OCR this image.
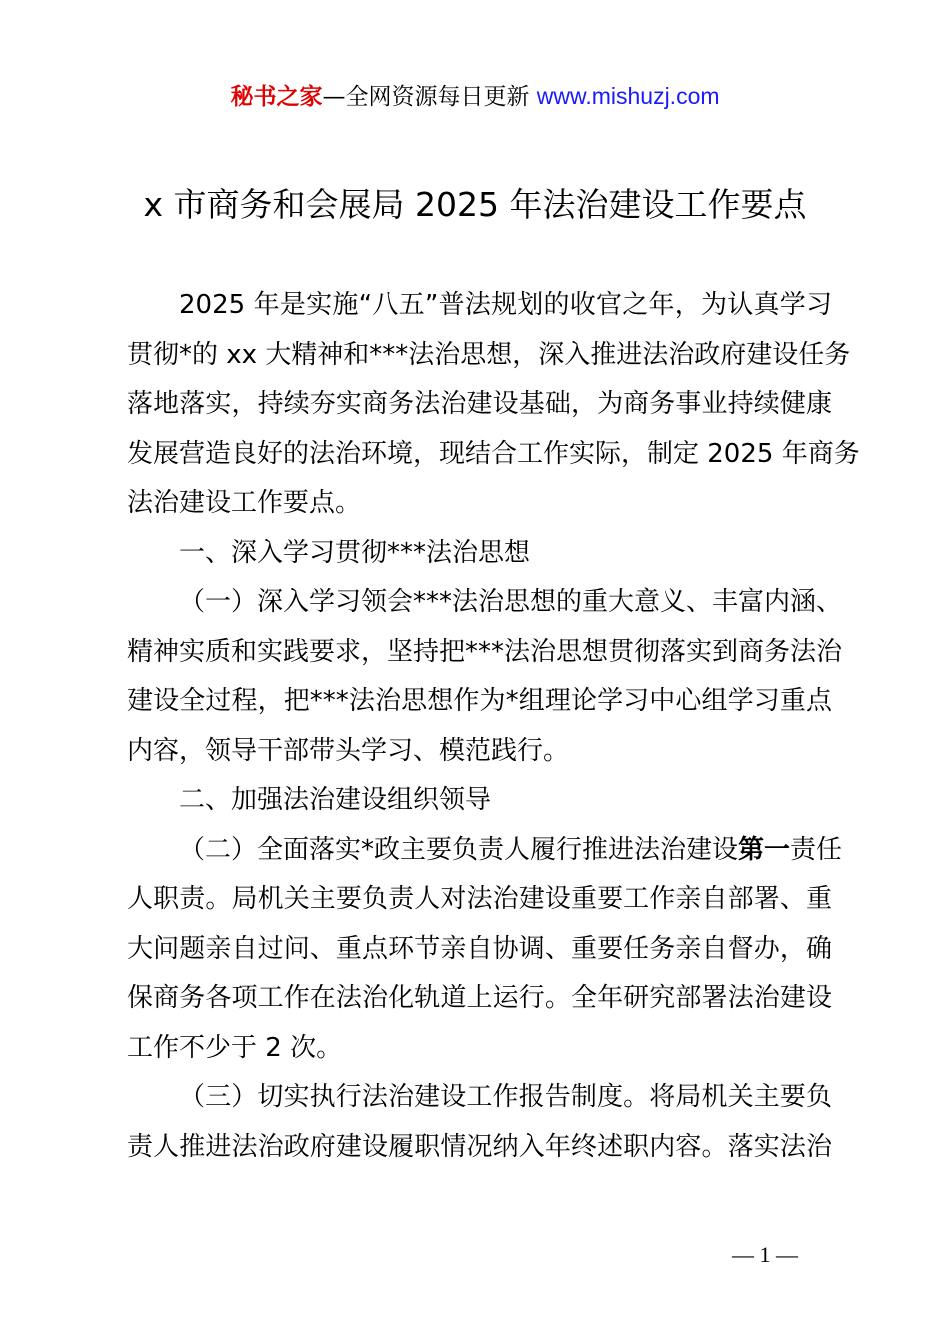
秘书之家—全网资源每日更新 www.mishuzj.com
x 市商务和会展局 2025 年法治建设工作要点
2025 年是实施“八五”普法规划的收官之年，为认真学习
贯彻*的 xx 大精神和***法治思想，深入推进法治政府建设任务
落地落实，持续夯实商务法治建设基础，为商务事业持续健康
发展营造良好的法治环境，现结合工作实际，制定 2025 年商务
法治建设工作要点。
一、深入学习贯彻***法治思想
（一）深入学习领会***法治思想的重大意义、丰富内涵、
精神实质和实践要求，坚持把***法治思想贯彻落实到商务法治
建设全过程，把***法治思想作为*组理论学习中心组学习重点
内容，领导干部带头学习、模范践行。
二、加强法治建设组织领导
（二）全面落实*政主要负责人履行推进法治建设第一责任
人职责。局机关主要负责人对法治建设重要工作亲自部署、重
大问题亲自过问、重点环节亲自协调、重要任务亲自督办，确
保商务各项工作在法治化轨道上运行。全年研究部署法治建设
工作不少于 2 次。
（三）切实执行法治建设工作报告制度。将局机关主要负
责人推进法治政府建设履职情况纳入年终述职内容。落实法治
— 1 —
